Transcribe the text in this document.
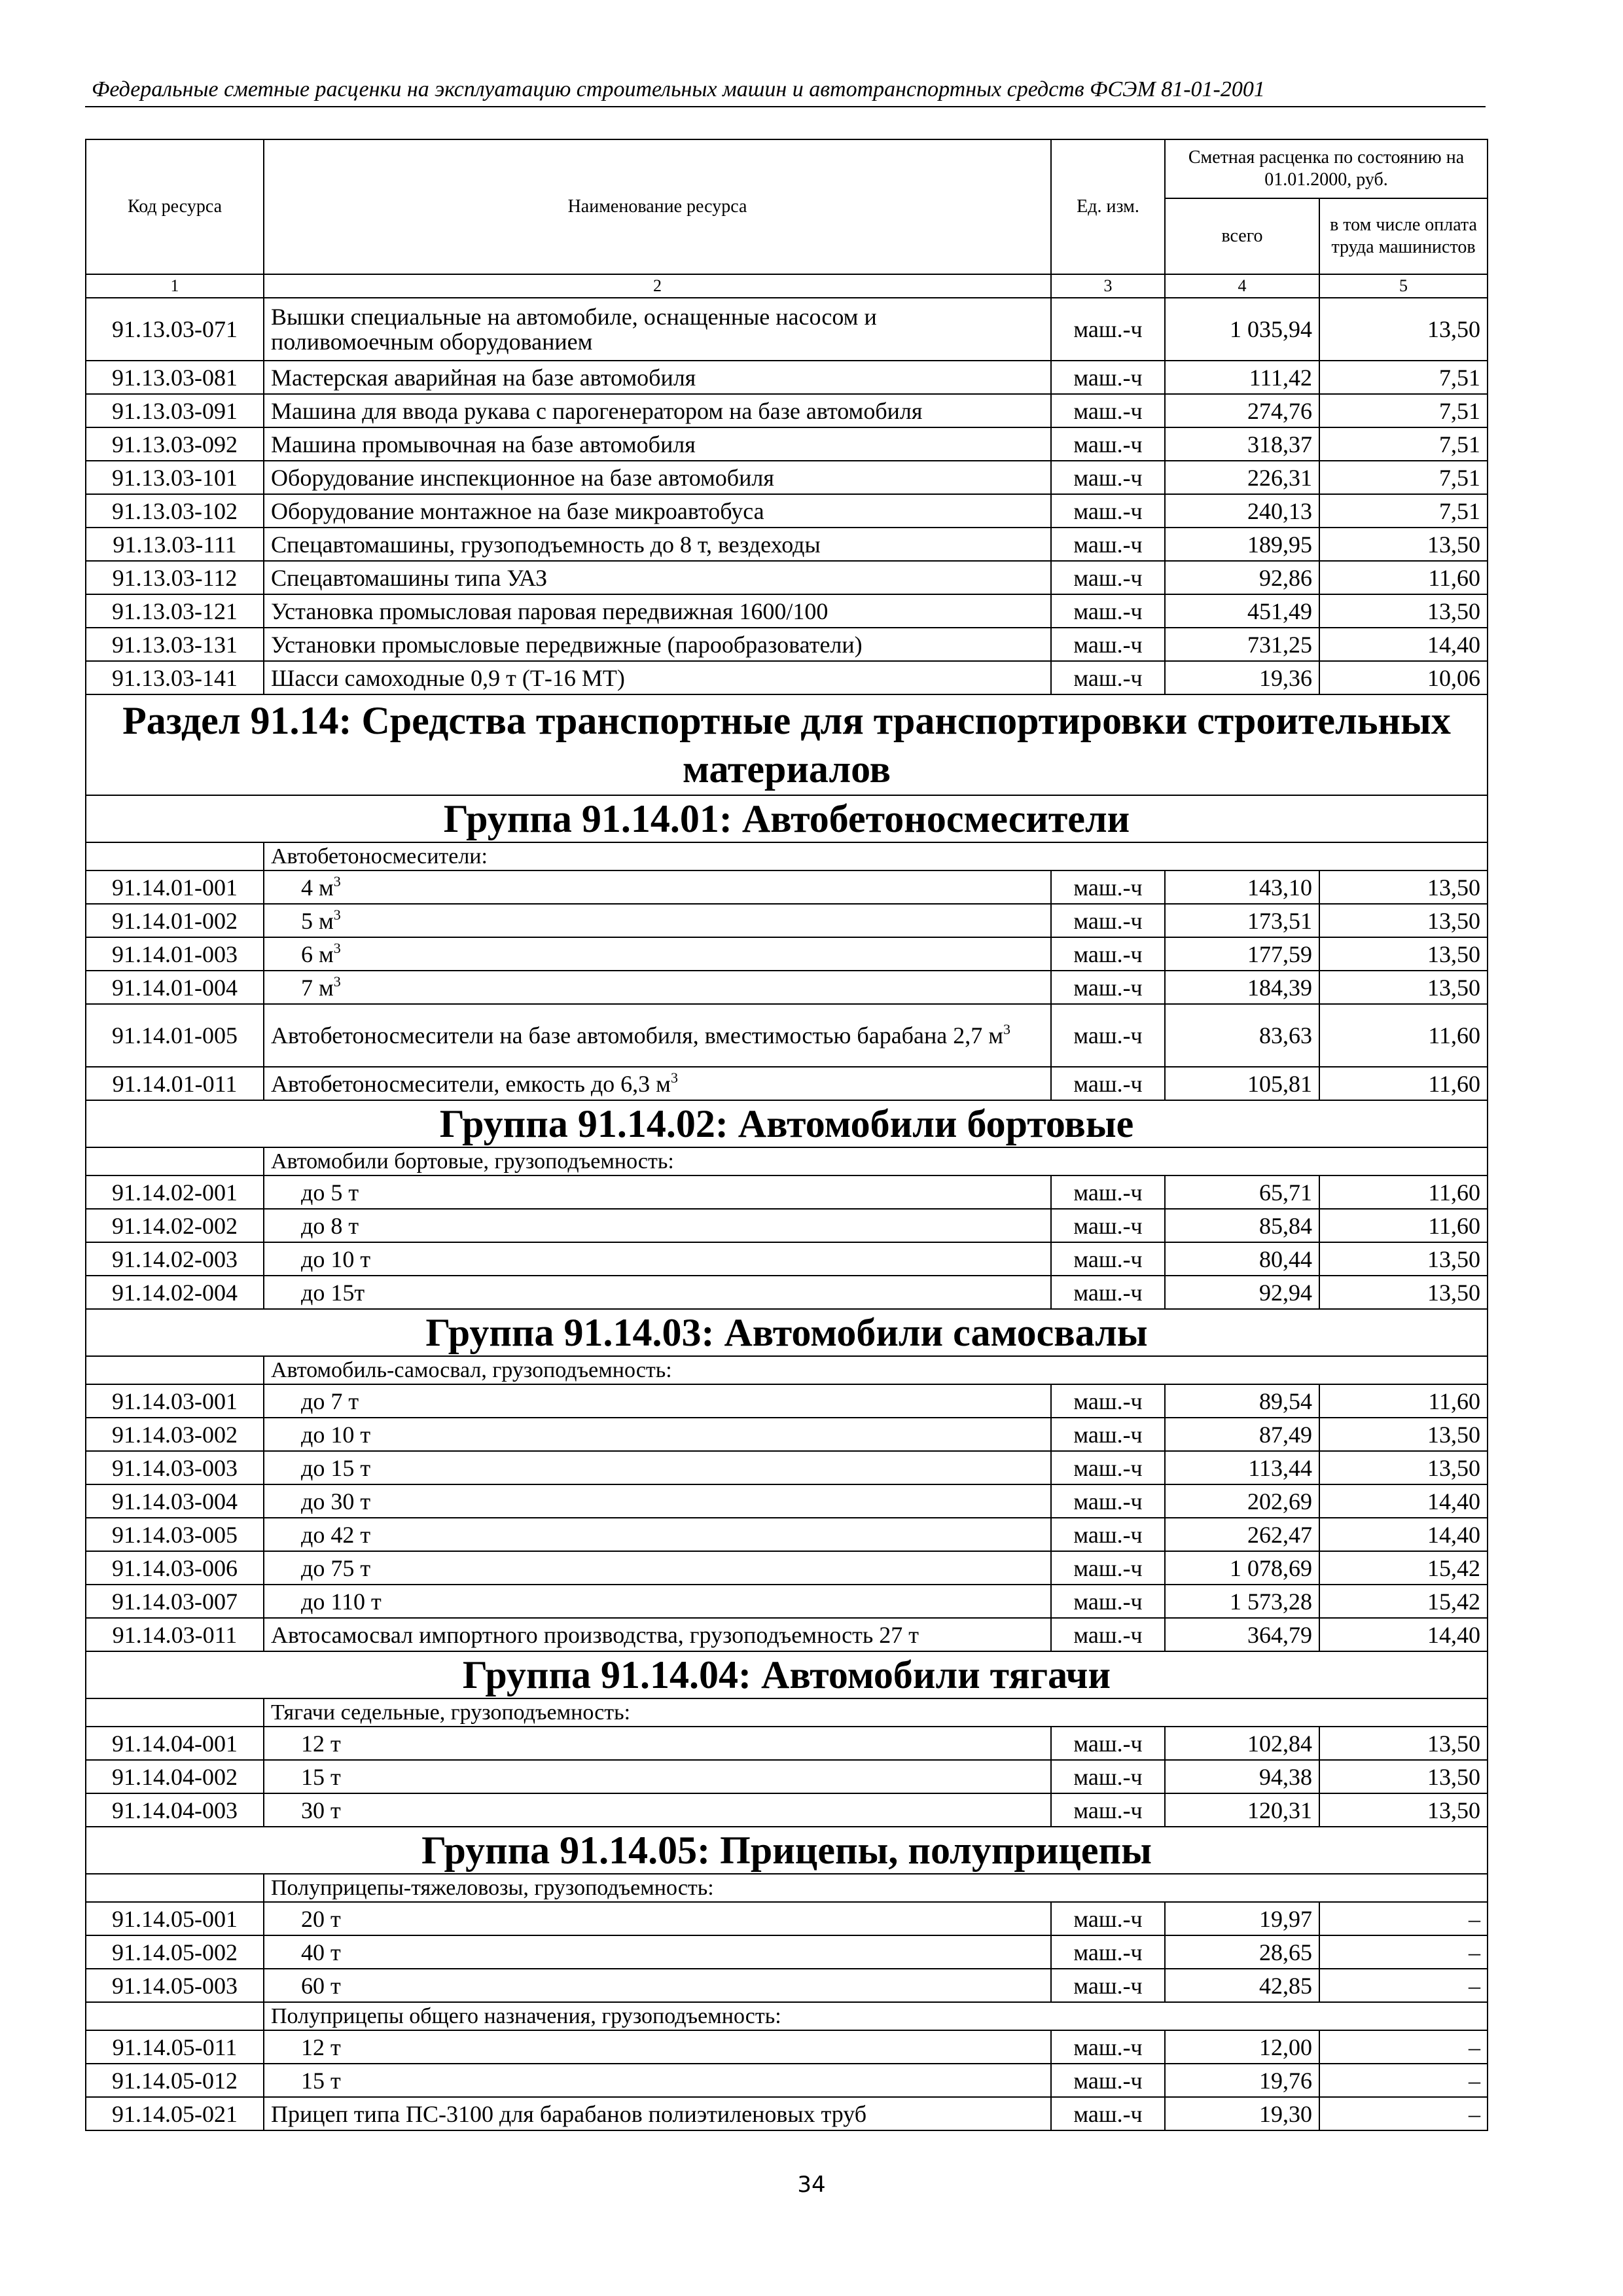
Федеральные сметные расценки на эксплуатацию строительных машин и автотранспортных средств ФСЭМ 81-01-2001
Код ресурса	Наименование ресурса	Ед. изм.	Сметная расценка по состоянию на 01.01.2000, руб.	
			всего	в том числе оплата труда машинистов
1	2	3	4	5
91.13.03-071	Вышки специальные на автомобиле, оснащенные насосом и поливомоечным оборудованием	маш.-ч	1 035,94	13,50
91.13.03-081	Мастерская аварийная на базе автомобиля	маш.-ч	111,42	7,51
91.13.03-091	Машина для ввода рукава с парогенератором на базе автомобиля	маш.-ч	274,76	7,51
91.13.03-092	Машина промывочная на базе автомобиля	маш.-ч	318,37	7,51
91.13.03-101	Оборудование инспекционное на базе автомобиля	маш.-ч	226,31	7,51
91.13.03-102	Оборудование монтажное на базе микроавтобуса	маш.-ч	240,13	7,51
91.13.03-111	Спецавтомашины, грузоподъемность до 8 т, вездеходы	маш.-ч	189,95	13,50
91.13.03-112	Спецавтомашины типа УАЗ	маш.-ч	92,86	11,60
91.13.03-121	Установка промысловая паровая передвижная 1600/100	маш.-ч	451,49	13,50
91.13.03-131	Установки промысловые передвижные (парообразователи)	маш.-ч	731,25	14,40
91.13.03-141	Шасси самоходные 0,9 т (Т-16 МТ)	маш.-ч	19,36	10,06
Раздел 91.14: Средства транспортные для транспортировки строительных материалов				
Группа 91.14.01: Автобетоносмесители				
	Автобетоносмесители:			
91.14.01-001	4 $м^3$	маш.-ч	143,10	13,50
91.14.01-002	5 $м^3$	маш.-ч	173,51	13,50
91.14.01-003	6 $м^3$	маш.-ч	177,59	13,50
91.14.01-004	7 $м^3$	маш.-ч	184,39	13,50
91.14.01-005	Автобетоносмесители на базе автомобиля, вместимостью барабана 2,7 $м^3$	маш.-ч	83,63	11,60
91.14.01-011	Автобетоносмесители, емкость до 6,3 $м^3$	маш.-ч	105,81	11,60
Группа 91.14.02: Автомобили бортовые				
	Автомобили бортовые, грузоподъемность:			
91.14.02-001	до 5 т	маш.-ч	65,71	11,60
91.14.02-002	до 8 т	маш.-ч	85,84	11,60
91.14.02-003	до 10 т	маш.-ч	80,44	13,50
91.14.02-004	до 15т	маш.-ч	92,94	13,50
Группа 91.14.03: Автомобили самосвалы				
	Автомобиль-самосвал, грузоподъемность:			
91.14.03-001	до 7 т	маш.-ч	89,54	11,60
91.14.03-002	до 10 т	маш.-ч	87,49	13,50
91.14.03-003	до 15 т	маш.-ч	113,44	13,50
91.14.03-004	до 30 т	маш.-ч	202,69	14,40
91.14.03-005	до 42 т	маш.-ч	262,47	14,40
91.14.03-006	до 75 т	маш.-ч	1 078,69	15,42
91.14.03-007	до 110 т	маш.-ч	1 573,28	15,42
91.14.03-011	Автосамосвал импортного производства, грузоподъемность 27 т	маш.-ч	364,79	14,40
Группа 91.14.04: Автомобили тягачи				
	Тягачи седельные, грузоподъемность:			
91.14.04-001	12 т	маш.-ч	102,84	13,50
91.14.04-002	15 т	маш.-ч	94,38	13,50
91.14.04-003	30 т	маш.-ч	120,31	13,50
Группа 91.14.05: Прицепы, полуприцепы				
	Полуприцепы-тяжеловозы, грузоподъемность:			
91.14.05-001	20 т	маш.-ч	19,97	–
91.14.05-002	40 т	маш.-ч	28,65	–
91.14.05-003	60 т	маш.-ч	42,85	–
	Полуприцепы общего назначения, грузоподъемность:			
91.14.05-011	12 т	маш.-ч	12,00	–
91.14.05-012	15 т	маш.-ч	19,76	–
91.14.05-021	Прицеп типа ПС-3100 для барабанов полиэтиленовых труб	маш.-ч	19,30	–
34
